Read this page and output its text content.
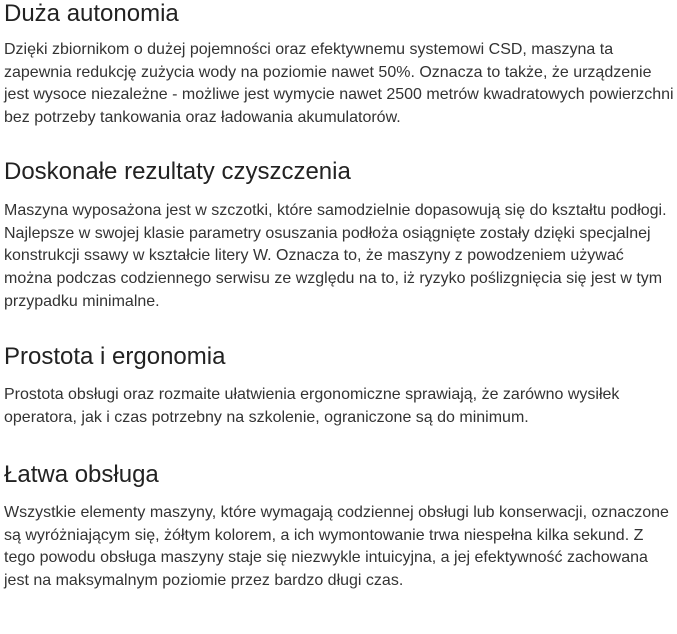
Duża autonomia

Dzięki zbiornikom o dużej pojemności oraz efektywnemu systemowi CSD, maszyna ta zapewnia redukcję zużycia wody na poziomie nawet 50%. Oznacza to także, że urządzenie jest wysoce niezależne - możliwe jest wymycie nawet 2500 metrów kwadratowych powierzchni bez potrzeby tankowania oraz ładowania akumulatorów.

Doskonałe rezultaty czyszczenia

Maszyna wyposażona jest w szczotki, które samodzielnie dopasowują się do kształtu podłogi. Najlepsze w swojej klasie parametry osuszania podłoża osiągnięte zostały dzięki specjalnej konstrukcji ssawy w kształcie litery W. Oznacza to, że maszyny z powodzeniem używać można podczas codziennego serwisu ze względu na to, iż ryzyko poślizgnięcia się jest w tym przypadku minimalne.

Prostota i ergonomia

Prostota obsługi oraz rozmaite ułatwienia ergonomiczne sprawiają, że zarówno wysiłek operatora, jak i czas potrzebny na szkolenie, ograniczone są do minimum.

Łatwa obsługa

Wszystkie elementy maszyny, które wymagają codziennej obsługi lub konserwacji, oznaczone są wyróżniającym się, żółtym kolorem, a ich wymontowanie trwa niespełna kilka sekund. Z tego powodu obsługa maszyny staje się niezwykle intuicyjna, a jej efektywność zachowana jest na maksymalnym poziomie przez bardzo długi czas.
